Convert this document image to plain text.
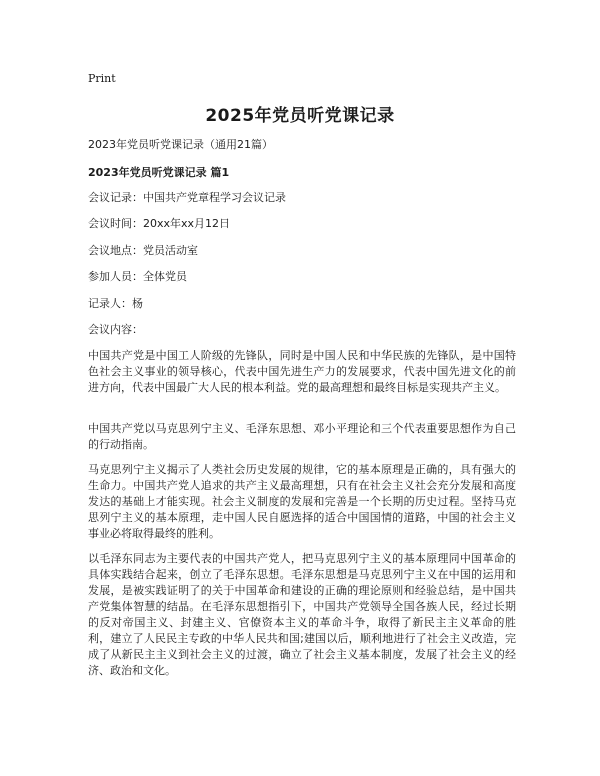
Print

2025年党员听党课记录

2023年党员听党课记录（通用21篇）

2023年党员听党课记录 篇1

会议记录：中国共产党章程学习会议记录

会议时间：20xx年xx月12日

会议地点：党员活动室

参加人员：全体党员

记录人：杨

会议内容：

中国共产党是中国工人阶级的先锋队，同时是中国人民和中华民族的先锋队，是中国特色社会主义事业的领导核心，代表中国先进生产力的发展要求，代表中国先进文化的前进方向，代表中国最广大人民的根本利益。党的最高理想和最终目标是实现共产主义。

中国共产党以马克思列宁主义、毛泽东思想、邓小平理论和三个代表重要思想作为自己的行动指南。

马克思列宁主义揭示了人类社会历史发展的规律，它的基本原理是正确的，具有强大的生命力。中国共产党人追求的共产主义最高理想，只有在社会主义社会充分发展和高度发达的基础上才能实现。社会主义制度的发展和完善是一个长期的历史过程。坚持马克思列宁主义的基本原理，走中国人民自愿选择的适合中国国情的道路，中国的社会主义事业必将取得最终的胜利。

以毛泽东同志为主要代表的中国共产党人，把马克思列宁主义的基本原理同中国革命的具体实践结合起来，创立了毛泽东思想。毛泽东思想是马克思列宁主义在中国的运用和发展，是被实践证明了的关于中国革命和建设的正确的理论原则和经验总结，是中国共产党集体智慧的结晶。在毛泽东思想指引下，中国共产党领导全国各族人民，经过长期的反对帝国主义、封建主义、官僚资本主义的革命斗争，取得了新民主主义革命的胜利，建立了人民民主专政的中华人民共和国;建国以后，顺利地进行了社会主义改造，完成了从新民主主义到社会主义的过渡，确立了社会主义基本制度，发展了社会主义的经济、政治和文化。
